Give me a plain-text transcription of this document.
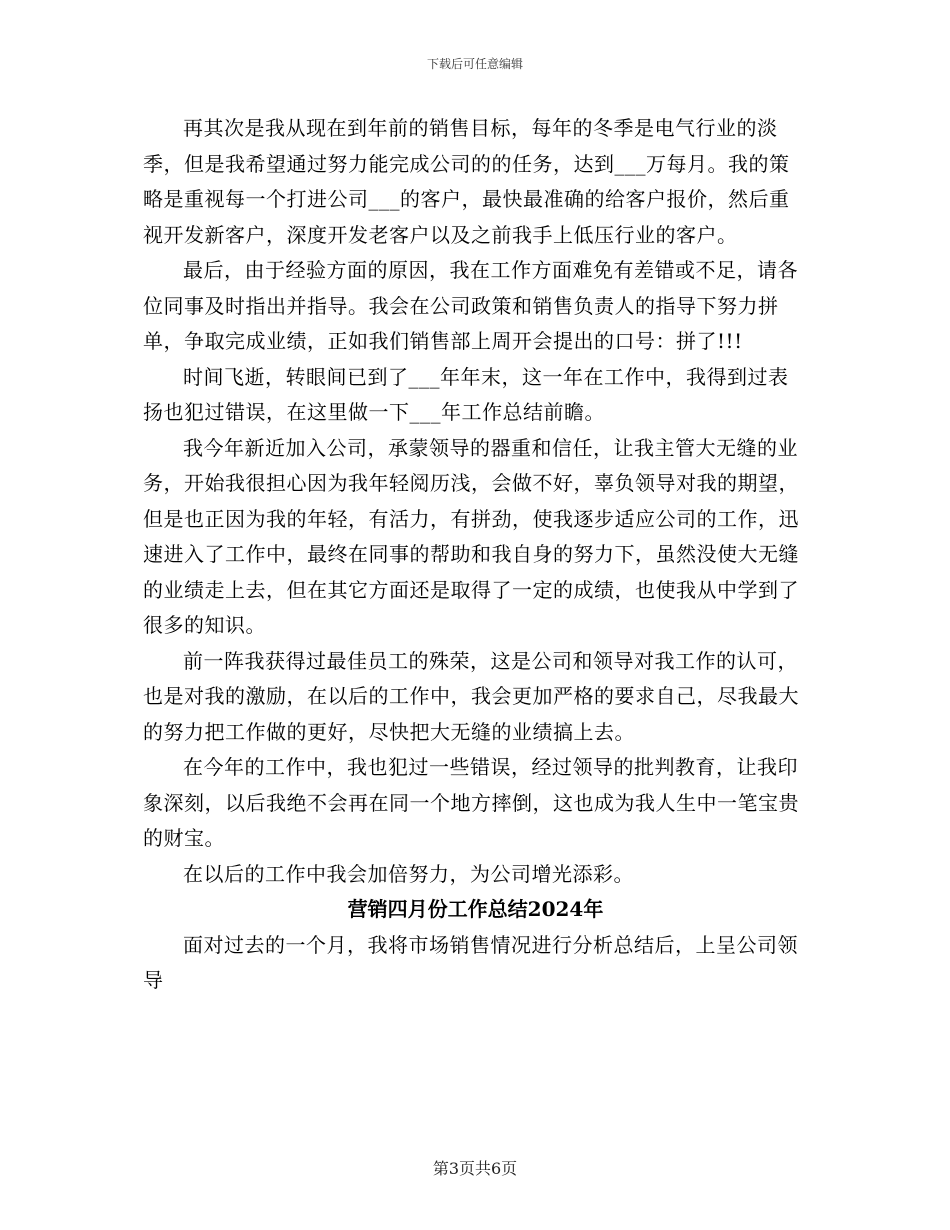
下载后可任意编辑

再其次是我从现在到年前的销售目标，每年的冬季是电气行业的淡季，但是我希望通过努力能完成公司的的任务，达到___万每月。我的策略是重视每一个打进公司___的客户，最快最准确的给客户报价，然后重视开发新客户，深度开发老客户以及之前我手上低压行业的客户。

最后，由于经验方面的原因，我在工作方面难免有差错或不足，请各位同事及时指出并指导。我会在公司政策和销售负责人的指导下努力拼单，争取完成业绩，正如我们销售部上周开会提出的口号：拼了!!!

时间飞逝，转眼间已到了___年年末，这一年在工作中，我得到过表扬也犯过错误，在这里做一下___年工作总结前瞻。

我今年新近加入公司，承蒙领导的器重和信任，让我主管大无缝的业务，开始我很担心因为我年轻阅历浅，会做不好，辜负领导对我的期望，但是也正因为我的年轻，有活力，有拼劲，使我逐步适应公司的工作，迅速进入了工作中，最终在同事的帮助和我自身的努力下，虽然没使大无缝的业绩走上去，但在其它方面还是取得了一定的成绩，也使我从中学到了很多的知识。

前一阵我获得过最佳员工的殊荣，这是公司和领导对我工作的认可，也是对我的激励，在以后的工作中，我会更加严格的要求自己，尽我最大的努力把工作做的更好，尽快把大无缝的业绩搞上去。

在今年的工作中，我也犯过一些错误，经过领导的批判教育，让我印象深刻，以后我绝不会再在同一个地方摔倒，这也成为我人生中一笔宝贵的财宝。

在以后的工作中我会加倍努力，为公司增光添彩。

营销四月份工作总结2024年

面对过去的一个月，我将市场销售情况进行分析总结后，上呈公司领导

第3页共6页
